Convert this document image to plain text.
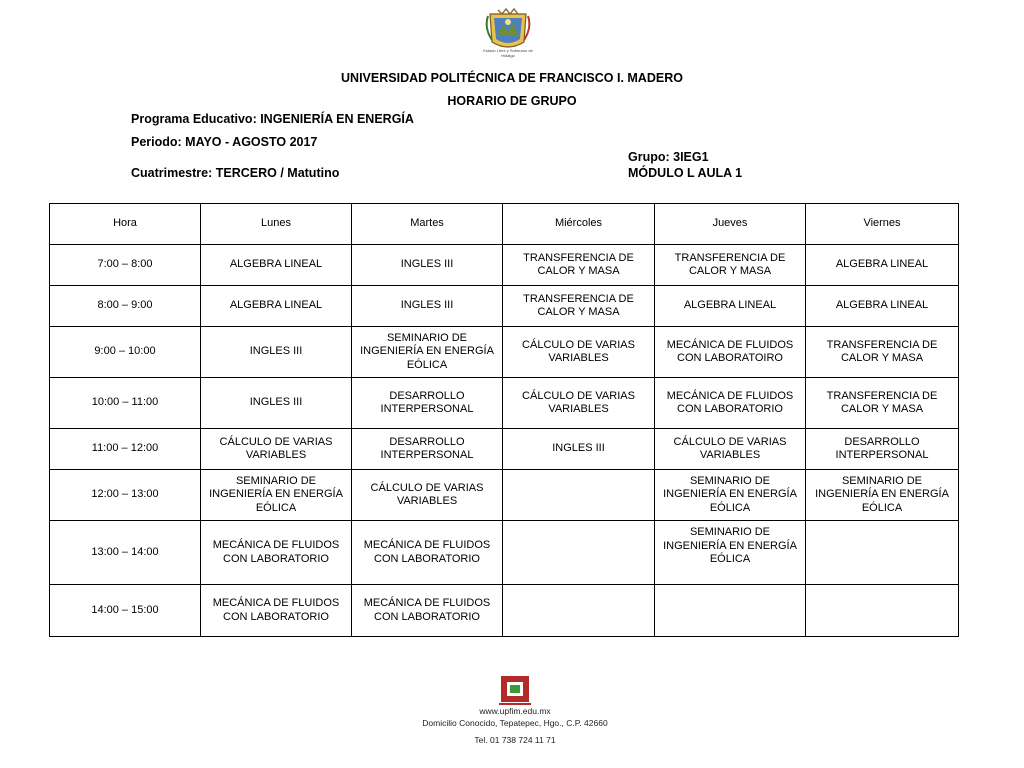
Estado Libre y Soberano de Hidalgo
UNIVERSIDAD POLITÉCNICA DE FRANCISCO I. MADERO
HORARIO DE GRUPO
Programa Educativo: INGENIERÍA EN ENERGÍA
Periodo: MAYO - AGOSTO 2017
Grupo: 3IEG1
Cuatrimestre: TERCERO / Matutino	MÓDULO L AULA 1
Hora	Lunes	Martes	Miércoles	Jueves	Viernes
7:00 – 8:00	ALGEBRA LINEAL	INGLES III	TRANSFERENCIA DE CALOR Y MASA	TRANSFERENCIA DE CALOR Y MASA	ALGEBRA LINEAL
8:00 – 9:00	ALGEBRA LINEAL	INGLES III	TRANSFERENCIA DE CALOR Y MASA	ALGEBRA LINEAL	ALGEBRA LINEAL
9:00 – 10:00	INGLES III	SEMINARIO DE INGENIERÍA EN ENERGÍA EÓLICA	CÁLCULO DE VARIAS VARIABLES	MECÁNICA DE FLUIDOS CON LABORATOIRO	TRANSFERENCIA DE CALOR Y MASA
10:00 – 11:00	INGLES III	DESARROLLO INTERPERSONAL	CÁLCULO DE VARIAS VARIABLES	MECÁNICA DE FLUIDOS CON LABORATORIO	TRANSFERENCIA DE CALOR Y MASA
11:00 – 12:00	CÁLCULO DE VARIAS VARIABLES	DESARROLLO INTERPERSONAL	INGLES III	CÁLCULO DE VARIAS VARIABLES	DESARROLLO INTERPERSONAL
12:00 – 13:00	SEMINARIO DE INGENIERÍA EN ENERGÍA EÓLICA	CÁLCULO DE VARIAS VARIABLES		SEMINARIO DE INGENIERÍA EN ENERGÍA EÓLICA	SEMINARIO DE INGENIERÍA EN ENERGÍA EÓLICA
13:00 – 14:00	MECÁNICA DE FLUIDOS CON LABORATORIO	MECÁNICA DE FLUIDOS CON LABORATORIO		SEMINARIO DE INGENIERÍA EN ENERGÍA EÓLICA	
14:00 – 15:00	MECÁNICA DE FLUIDOS CON LABORATORIO	MECÁNICA DE FLUIDOS CON LABORATORIO			
www.upfim.edu.mx
Domicilio Conocido, Tepatepec, Hgo., C.P. 42660
Tel. 01 738 724 11 71
